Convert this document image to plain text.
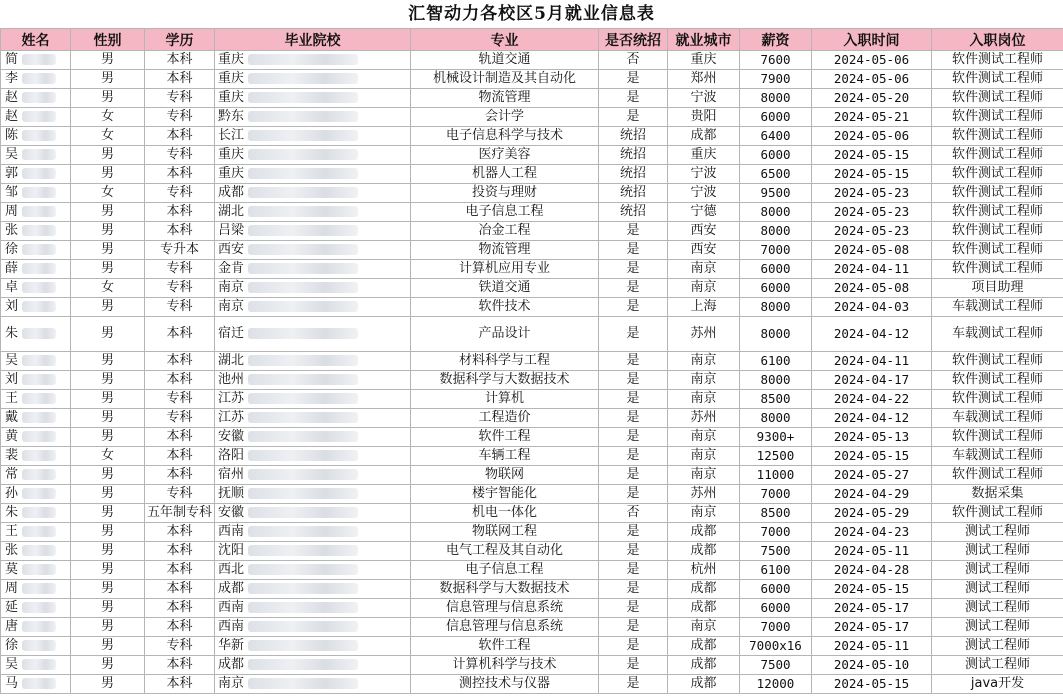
汇智动力各校区5月就业信息表
姓名	性别	学历	毕业院校	专业	是否统招	就业城市	薪资	入职时间	入职岗位
简	男	本科	重庆	轨道交通	否	重庆	7600	2024-05-06	软件测试工程师
李	男	本科	重庆	机械设计制造及其自动化	是	郑州	7900	2024-05-06	软件测试工程师
赵	男	专科	重庆	物流管理	是	宁波	8000	2024-05-20	软件测试工程师
赵	女	专科	黔东	会计学	是	贵阳	6000	2024-05-21	软件测试工程师
陈	女	本科	长江	电子信息科学与技术	统招	成都	6400	2024-05-06	软件测试工程师
吴	男	专科	重庆	医疗美容	统招	重庆	6000	2024-05-15	软件测试工程师
郭	男	本科	重庆	机器人工程	统招	宁波	6500	2024-05-15	软件测试工程师
邹	女	专科	成都	投资与理财	统招	宁波	9500	2024-05-23	软件测试工程师
周	男	本科	湖北	电子信息工程	统招	宁德	8000	2024-05-23	软件测试工程师
张	男	本科	吕梁	冶金工程	是	西安	8000	2024-05-23	软件测试工程师
徐	男	专升本	西安	物流管理	是	西安	7000	2024-05-08	软件测试工程师
薛	男	专科	金肯	计算机应用专业	是	南京	6000	2024-04-11	软件测试工程师
卓	女	专科	南京	铁道交通	是	南京	6000	2024-05-08	项目助理
刘	男	专科	南京	软件技术	是	上海	8000	2024-04-03	车载测试工程师
朱	男	本科	宿迁	产品设计	是	苏州	8000	2024-04-12	车载测试工程师
吴	男	本科	湖北	材料科学与工程	是	南京	6100	2024-04-11	软件测试工程师
刘	男	本科	池州	数据科学与大数据技术	是	南京	8000	2024-04-17	软件测试工程师
王	男	专科	江苏	计算机	是	南京	8500	2024-04-22	软件测试工程师
戴	男	专科	江苏	工程造价	是	苏州	8000	2024-04-12	车载测试工程师
黄	男	本科	安徽	软件工程	是	南京	9300+	2024-05-13	软件测试工程师
裴	女	本科	洛阳	车辆工程	是	南京	12500	2024-05-15	车载测试工程师
常	男	本科	宿州	物联网	是	南京	11000	2024-05-27	软件测试工程师
孙	男	专科	抚顺	楼宇智能化	是	苏州	7000	2024-04-29	数据采集
朱	男	五年制专科	安徽	机电一体化	否	南京	8500	2024-05-29	软件测试工程师
王	男	本科	西南	物联网工程	是	成都	7000	2024-04-23	测试工程师
张	男	本科	沈阳	电气工程及其自动化	是	成都	7500	2024-05-11	测试工程师
莫	男	本科	西北	电子信息工程	是	杭州	6100	2024-04-28	测试工程师
周	男	本科	成都	数据科学与大数据技术	是	成都	6000	2024-05-15	测试工程师
延	男	本科	西南	信息管理与信息系统	是	成都	6000	2024-05-17	测试工程师
唐	男	本科	西南	信息管理与信息系统	是	南京	7000	2024-05-17	测试工程师
徐	男	专科	华新	软件工程	是	成都	7000x16	2024-05-11	测试工程师
吴	男	本科	成都	计算机科学与技术	是	成都	7500	2024-05-10	测试工程师
马	男	本科	南京	测控技术与仪器	是	成都	12000	2024-05-15	java开发
